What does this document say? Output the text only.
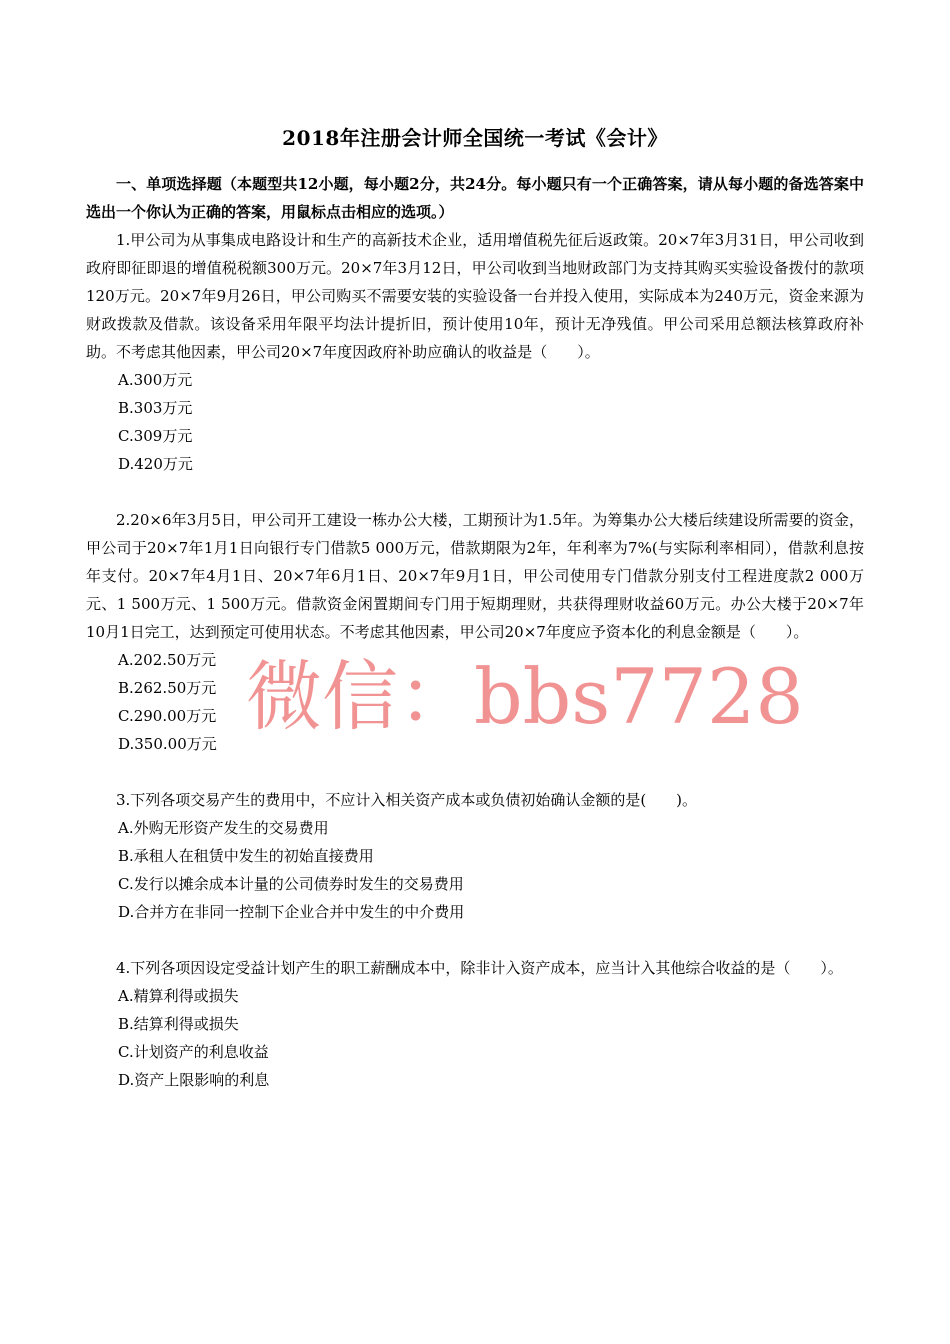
2018年注册会计师全国统一考试《会计》

一、单项选择题（本题型共12小题，每小题2分，共24分。每小题只有一个正确答案，请从每小题的备选答案中选出一个你认为正确的答案，用鼠标点击相应的选项。）

1.甲公司为从事集成电路设计和生产的高新技术企业，适用增值税先征后返政策。20×7年3月31日，甲公司收到政府即征即退的增值税税额300万元。20×7年3月12日，甲公司收到当地财政部门为支持其购买实验设备拨付的款项120万元。20×7年9月26日，甲公司购买不需要安装的实验设备一台并投入使用，实际成本为240万元，资金来源为财政拨款及借款。该设备采用年限平均法计提折旧，预计使用10年，预计无净残值。甲公司采用总额法核算政府补助。不考虑其他因素，甲公司20×7年度因政府补助应确认的收益是（　　）。

A.300万元

B.303万元

C.309万元

D.420万元

2.20×6年3月5日，甲公司开工建设一栋办公大楼，工期预计为1.5年。为筹集办公大楼后续建设所需要的资金，甲公司于20×7年1月1日向银行专门借款5 000万元，借款期限为2年，年利率为7%(与实际利率相同），借款利息按年支付。20×7年4月1日、20×7年6月1日、20×7年9月1日，甲公司使用专门借款分别支付工程进度款2 000万元、1 500万元、1 500万元。借款资金闲置期间专门用于短期理财，共获得理财收益60万元。办公大楼于20×7年10月1日完工，达到预定可使用状态。不考虑其他因素，甲公司20×7年度应予资本化的利息金额是（　　）。

A.202.50万元

B.262.50万元

C.290.00万元

D.350.00万元

3.下列各项交易产生的费用中，不应计入相关资产成本或负债初始确认金额的是(　　)。

A.外购无形资产发生的交易费用

B.承租人在租赁中发生的初始直接费用

C.发行以摊余成本计量的公司债券时发生的交易费用

D.合并方在非同一控制下企业合并中发生的中介费用

4.下列各项因设定受益计划产生的职工薪酬成本中，除非计入资产成本，应当计入其他综合收益的是（　　）。

A.精算利得或损失

B.结算利得或损失

C.计划资产的利息收益

D.资产上限影响的利息

微信：bbs7728
